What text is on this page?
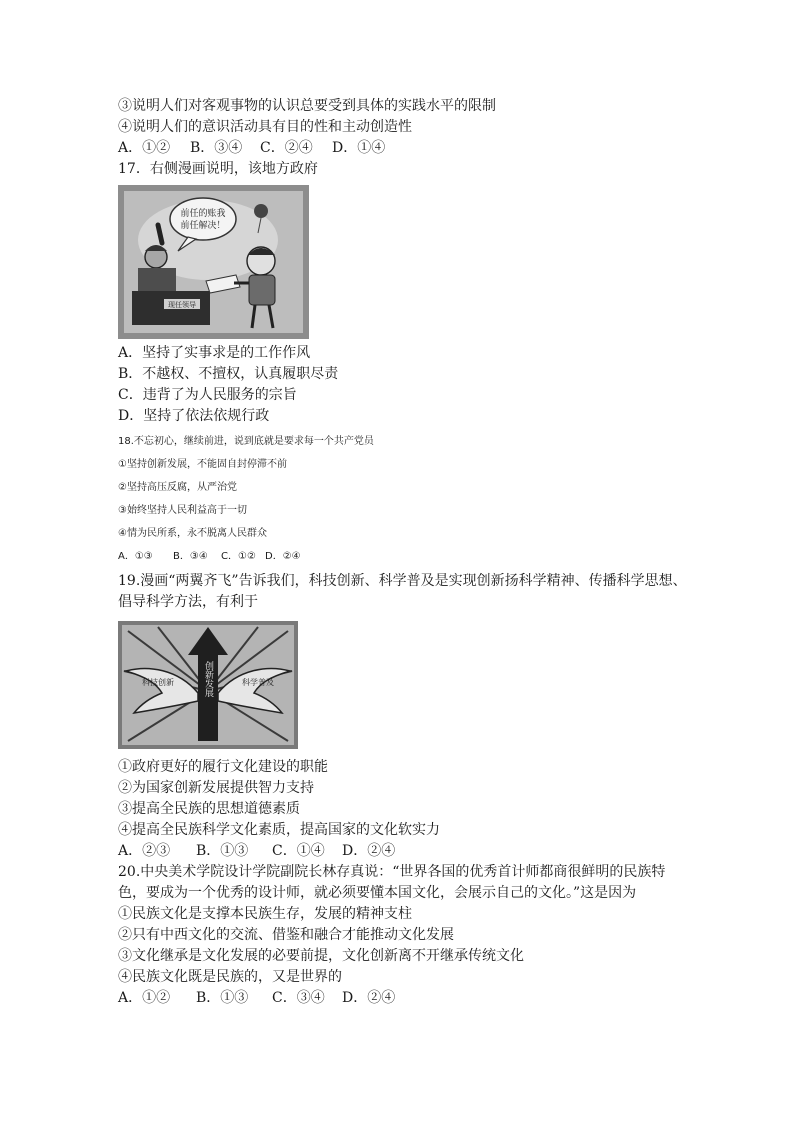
③说明人们对客观事物的认识总要受到具体的实践水平的限制
④说明人们的意识活动具有目的性和主动创造性
A．①② B．③④ C．②④ D．①④
17．右侧漫画说明，该地方政府
前任的账我
前任解决！
现任领导
A．坚持了实事求是的工作作风
B．不越权、不擅权，认真履职尽责
C．违背了为人民服务的宗旨
D．坚持了依法依规行政
18.不忘初心，继续前进，说到底就是要求每一个共产党员
①坚持创新发展，不能固自封停滞不前
②坚持高压反腐，从严治党
③始终坚持人民利益高于一切
④情为民所系，永不脱离人民群众
A．①③ B．③④ C．①② D．②④
19.漫画“两翼齐飞”告诉我们，科技创新、科学普及是实现创新扬科学精神、传播科学思想、倡导科学方法，有利于
科技创新	科学普及
创新发展
①政府更好的履行文化建设的职能
②为国家创新发展提供智力支持
③提高全民族的思想道德素质
④提高全民族科学文化素质，提高国家的文化软实力
A．②③ B．①③ C．①④ D．②④
20.中央美术学院设计学院副院长林存真说：“世界各国的优秀首计师都商很鲜明的民族特色，要成为一个优秀的设计师，就必须要懂本国文化，会展示自己的文化。”这是因为
①民族文化是支撑本民族生存，发展的精神支柱
②只有中西文化的交流、借鉴和融合才能推动文化发展
③文化继承是文化发展的必要前提，文化创新离不开继承传统文化
④民族文化既是民族的，又是世界的
A．①② B．①③ C．③④ D．②④
